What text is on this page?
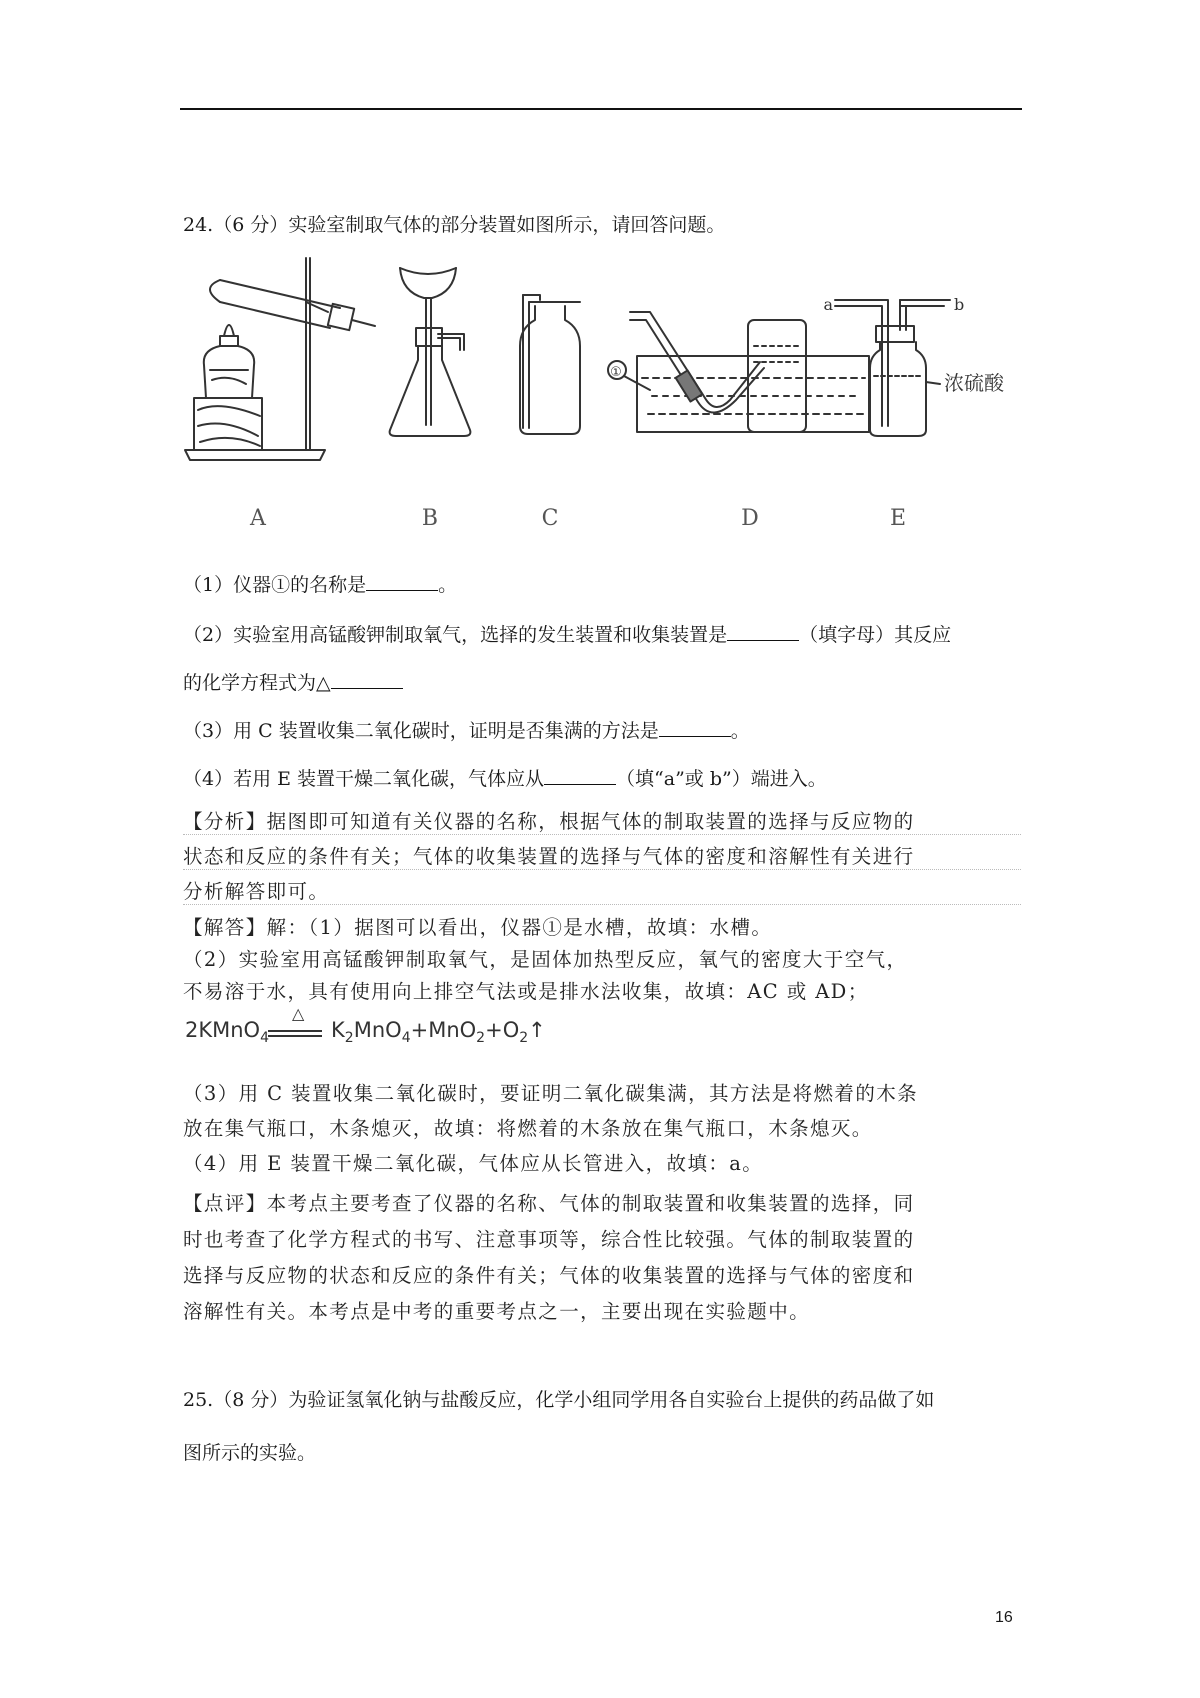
24.（6 分）实验室制取气体的部分装置如图所示，请回答问题。
a	b
①	浓硫酸
A	B	C	D	E
（1）仪器①的名称是	。
（2）实验室用高锰酸钾制取氧气，选择的发生装置和收集装置是	（填字母）其反应
的化学方程式为△
（3）用 C 装置收集二氧化碳时，证明是否集满的方法是	。
（4）若用 E 装置干燥二氧化碳，气体应从	（填“a”或 b”）端进入。
【分析】据图即可知道有关仪器的名称，根据气体的制取装置的选择与反应物的
状态和反应的条件有关；气体的收集装置的选择与气体的密度和溶解性有关进行
分析解答即可。
【解答】解：（1）据图可以看出，仪器①是水槽，故填：水槽。
（2）实验室用高锰酸钾制取氧气，是固体加热型反应，氧气的密度大于空气，
不易溶于水，具有使用向上排空气法或是排水法收集，故填：AC 或 AD；
△
2KMnO$_4$	$K_2MnO_4+MnO_2+O_2↑$
（3）用 C 装置收集二氧化碳时，要证明二氧化碳集满，其方法是将燃着的木条
放在集气瓶口，木条熄灭，故填：将燃着的木条放在集气瓶口，木条熄灭。
（4）用 E 装置干燥二氧化碳，气体应从长管进入，故填：a。
【点评】本考点主要考查了仪器的名称、气体的制取装置和收集装置的选择，同
时也考查了化学方程式的书写、注意事项等，综合性比较强。气体的制取装置的
选择与反应物的状态和反应的条件有关；气体的收集装置的选择与气体的密度和
溶解性有关。本考点是中考的重要考点之一，主要出现在实验题中。
25.（8 分）为验证氢氧化钠与盐酸反应，化学小组同学用各自实验台上提供的药品做了如
图所示的实验。
16
